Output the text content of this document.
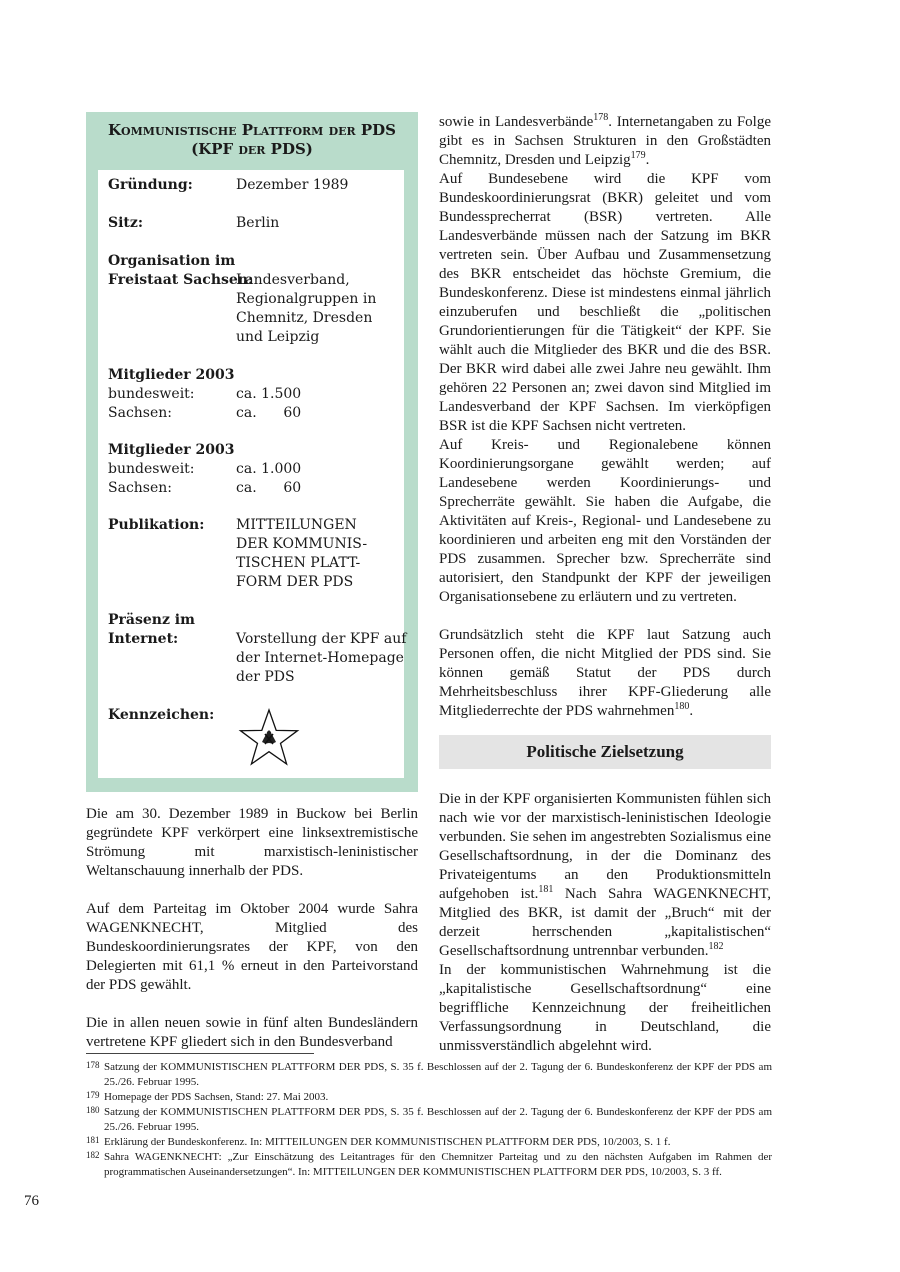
Kommunistische Plattform der PDS
(KPF der PDS)
Gründung:	Dezember 1989
Sitz:	Berlin
Organisation im
Freistaat Sachsen:
Landesverband,
Regionalgruppen in
Chemnitz, Dresden
und Leipzig
Mitglieder 2003
bundesweit:	ca. 1.500
Sachsen:	ca.      60
Mitglieder 2003
bundesweit:	ca. 1.000
Sachsen:	ca.      60
Publikation: MITTEILUNGEN
DER KOMMUNIS-
TISCHEN PLATT-
FORM DER PDS
Präsenz im
Internet:	Vorstellung der KPF auf
der Internet-Homepage
der PDS
Kennzeichen:

Die am 30. Dezember 1989 in Buckow bei Berlin gegründete KPF verkörpert eine linksextremistische Strömung mit marxistisch-leninistischer Weltanschauung innerhalb der PDS.

Auf dem Parteitag im Oktober 2004 wurde Sahra WAGENKNECHT, Mitglied des Bundeskoordinierungsrates der KPF, von den Delegierten mit 61,1 % erneut in den Parteivorstand der PDS gewählt.

Die in allen neuen sowie in fünf alten Bundesländern vertretene KPF gliedert sich in den Bundesverband

sowie in Landesverbände$^{178}$. Internetangaben zu Folge gibt es in Sachsen Strukturen in den Großstädten Chemnitz, Dresden und Leipzig$^{179}$.

Auf Bundesebene wird die KPF vom Bundeskoordinierungsrat (BKR) geleitet und vom Bundessprecherrat (BSR) vertreten. Alle Landesverbände müssen nach der Satzung im BKR vertreten sein. Über Aufbau und Zusammensetzung des BKR entscheidet das höchste Gremium, die Bundeskonferenz. Diese ist mindestens einmal jährlich einzuberufen und beschließt die „politischen Grundorientierungen für die Tätigkeit“ der KPF. Sie wählt auch die Mitglieder des BKR und die des BSR. Der BKR wird dabei alle zwei Jahre neu gewählt. Ihm gehören 22 Personen an; zwei davon sind Mitglied im Landesverband der KPF Sachsen. Im vierköpfigen BSR ist die KPF Sachsen nicht vertreten.

Auf Kreis- und Regionalebene können Koordinierungsorgane gewählt werden; auf Landesebene werden Koordinierungs- und Sprecherräte gewählt. Sie haben die Aufgabe, die Aktivitäten auf Kreis-, Regional- und Landesebene zu koordinieren und arbeiten eng mit den Vorständen der PDS zusammen. Sprecher bzw. Sprecherräte sind autorisiert, den Standpunkt der KPF der jeweiligen Organisationsebene zu erläutern und zu vertreten.

Grundsätzlich steht die KPF laut Satzung auch Personen offen, die nicht Mitglied der PDS sind. Sie können gemäß Statut der PDS durch Mehrheitsbeschluss ihrer KPF-Gliederung alle Mitgliederrechte der PDS wahrnehmen$^{180}$.

Politische Zielsetzung

Die in der KPF organisierten Kommunisten fühlen sich nach wie vor der marxistisch-leninistischen Ideologie verbunden. Sie sehen im angestrebten Sozialismus eine Gesellschaftsordnung, in der die Dominanz des Privateigentums an den Produktionsmitteln aufgehoben ist.$^{181}$ Nach Sahra WAGENKNECHT, Mitglied des BKR, ist damit der „Bruch“ mit der derzeit herrschenden „kapitalistischen“ Gesellschaftsordnung untrennbar verbunden.$^{182}$

In der kommunistischen Wahrnehmung ist die „kapitalistische Gesellschaftsordnung“ eine begriffliche Kennzeichnung der freiheitlichen Verfassungsordnung in Deutschland, die unmissverständlich abgelehnt wird.

178 Satzung der KOMMUNISTISCHEN PLATTFORM DER PDS, S. 35 f. Beschlossen auf der 2. Tagung der 6. Bundeskonferenz der KPF der PDS am 25./26. Februar 1995.
179 Homepage der PDS Sachsen, Stand: 27. Mai 2003.
180 Satzung der KOMMUNISTISCHEN PLATTFORM DER PDS, S. 35 f. Beschlossen auf der 2. Tagung der 6. Bundeskonferenz der KPF der PDS am 25./26. Februar 1995.
181 Erklärung der Bundeskonferenz. In: MITTEILUNGEN DER KOMMUNISTISCHEN PLATTFORM DER PDS, 10/2003, S. 1 f.
182 Sahra WAGENKNECHT: „Zur Einschätzung des Leitantrages für den Chemnitzer Parteitag und zu den nächsten Aufgaben im Rahmen der programmatischen Auseinandersetzungen“. In: MITTEILUNGEN DER KOMMUNISTISCHEN PLATTFORM DER PDS, 10/2003, S. 3 ff.
76
